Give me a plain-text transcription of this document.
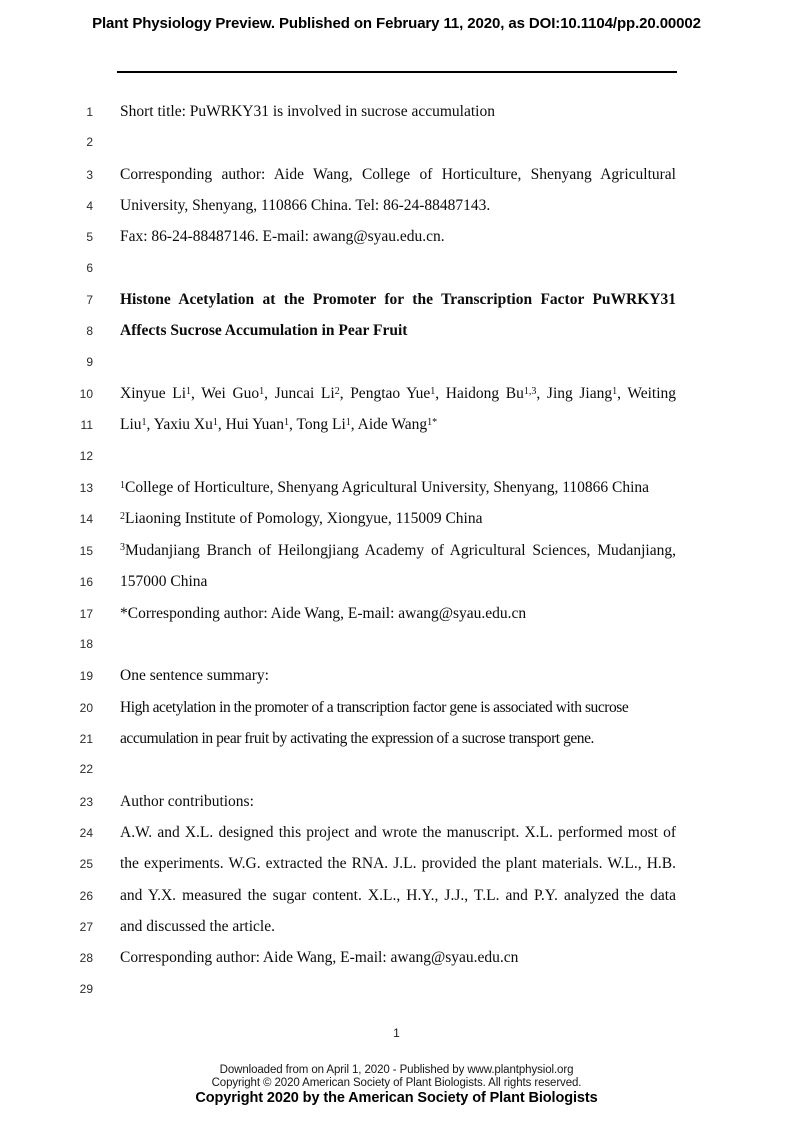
Plant Physiology Preview. Published on February 11, 2020, as DOI:10.1104/pp.20.00002
1 Short title: PuWRKY31 is involved in sucrose accumulation
2
3 Corresponding author: Aide Wang, College of Horticulture, Shenyang Agricultural
4 University, Shenyang, 110866 China. Tel: 86-24-88487143.
5 Fax: 86-24-88487146. E-mail: awang@syau.edu.cn.
6
7 Histone Acetylation at the Promoter for the Transcription Factor PuWRKY31
8 Affects Sucrose Accumulation in Pear Fruit
9
10 Xinyue Li$^1$, Wei Guo$^1$, Juncai Li$^2$, Pengtao Yue$^1$, Haidong Bu$^{1,3}$, Jing Jiang$^1$, Weiting
11 Liu$^1$, Yaxiu Xu$^1$, Hui Yuan$^1$, Tong Li$^1$, Aide Wang$^{1*}$
12
13	$^1$College of Horticulture, Shenyang Agricultural University, Shenyang, 110866 China
14	$^2$Liaoning Institute of Pomology, Xiongyue, 115009 China
15	$^3$Mudanjiang Branch of Heilongjiang Academy of Agricultural Sciences, Mudanjiang,
16 157000 China
17 *Corresponding author: Aide Wang, E-mail: awang@syau.edu.cn
18
19 One sentence summary:
20 High acetylation in the promoter of a transcription factor gene is associated with sucrose
21 accumulation in pear fruit by activating the expression of a sucrose transport gene.
22
23 Author contributions:
24 A.W. and X.L. designed this project and wrote the manuscript. X.L. performed most of
25 the experiments. W.G. extracted the RNA. J.L. provided the plant materials. W.L., H.B.
26 and Y.X. measured the sugar content. X.L., H.Y., J.J., T.L. and P.Y. analyzed the data
27 and discussed the article.
28 Corresponding author: Aide Wang, E-mail: awang@syau.edu.cn
29
1
Downloaded from on April 1, 2020 - Published by www.plantphysiol.org
Copyright © 2020 American Society of Plant Biologists. All rights reserved.
Copyright 2020 by the American Society of Plant Biologists
